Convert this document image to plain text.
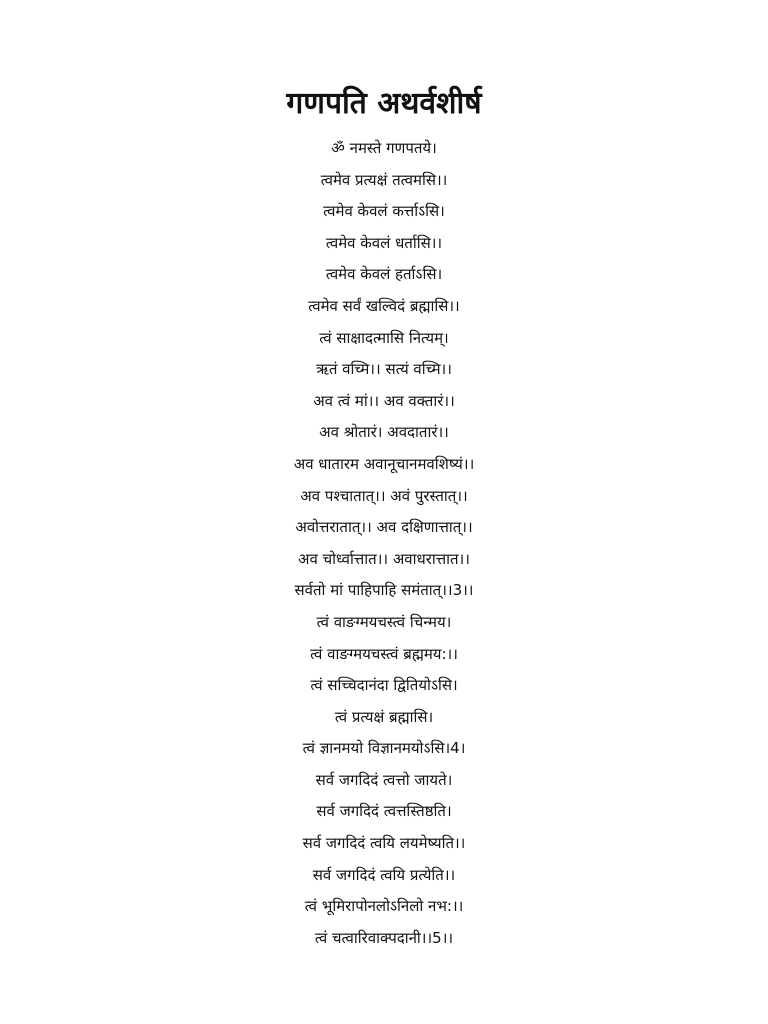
गणपति अथर्वशीर्ष
ॐ नमस्ते गणपतये।
त्वमेव प्रत्यक्षं तत्वमसि।।
त्वमेव केवलं कर्त्ताऽसि।
त्वमेव केवलं धर्तासि।।
त्वमेव केवलं हर्ताऽसि।
त्वमेव सर्वं खल्विदं ब्रह्मासि।।
त्वं साक्षादत्मासि नित्यम्।
ऋतं वच्मि।। सत्यं वच्मि।।
अव त्वं मां।। अव वक्तारं।।
अव श्रोतारं। अवदातारं।।
अव धातारम अवानूचानमवशिष्यं।।
अव पश्चातात्।। अवं पुरस्तात्।।
अवोत्तरातात्।। अव दक्षिणात्तात्।।
अव चोर्ध्वात्तात।। अवाधरात्तात।।
सर्वतो मां पाहिपाहि समंतात्।।3।।
त्वं वाङग्मयचस्त्वं चिन्मय।
त्वं वाङग्मयचस्त्वं ब्रह्ममय:।।
त्वं सच्चिदानंदा द्वितियोऽसि।
त्वं प्रत्यक्षं ब्रह्मासि।
त्वं ज्ञानमयो विज्ञानमयोऽसि।4।
सर्व जगदिदं त्वत्तो जायते।
सर्व जगदिदं त्वत्तस्तिष्ठति।
सर्व जगदिदं त्वयि लयमेष्यति।।
सर्व जगदिदं त्वयि प्रत्येति।।
त्वं भूमिरापोनलोऽनिलो नभ:।।
त्वं चत्वारिवाक्पदानी।।5।।
